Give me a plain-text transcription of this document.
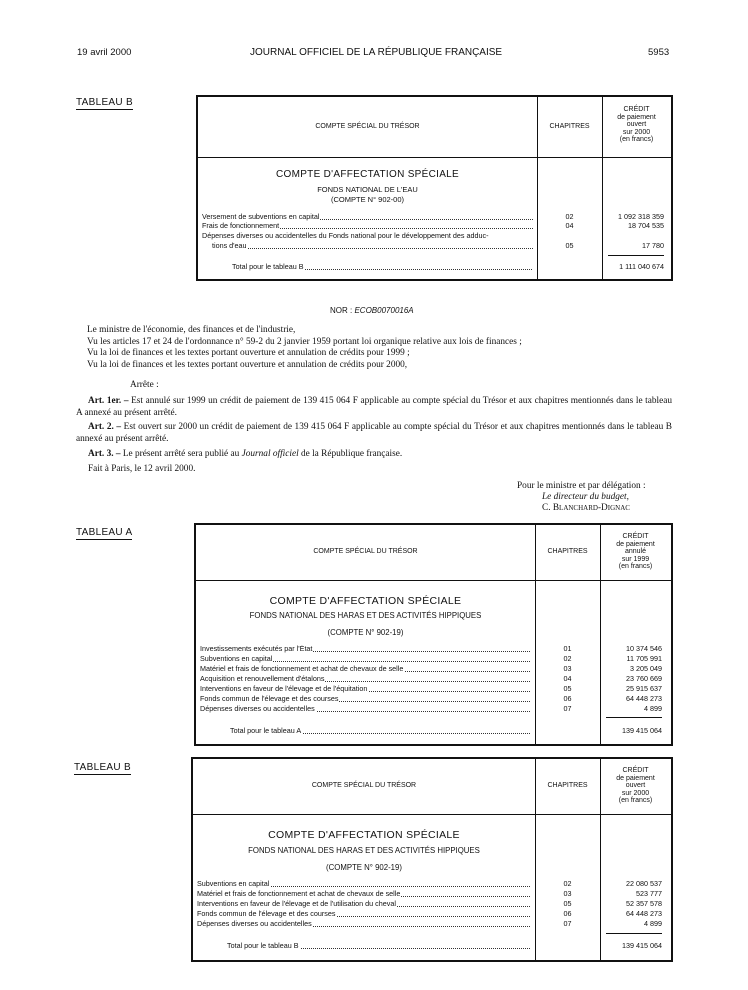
19 avril 2000	JOURNAL OFFICIEL DE LA RÉPUBLIQUE FRANÇAISE	5953
TABLEAU B
COMPTE SPÉCIAL DU TRÉSOR	CHAPITRES
CRÉDIT
de paiement
ouvert
sur 2000
(en francs)
COMPTE D'AFFECTATION SPÉCIALE
FONDS NATIONAL DE L'EAU
(COMPTE N° 902-00)
Versement de subventions en capital	02	1 092 318 359
Frais de fonctionnement	04	18 704 535
Dépenses diverses ou accidentelles du Fonds national pour le développement des adduc-
tions d'eau	05	17 780
Total pour le tableau B	1 111 040 674
NOR : ECOB0070016A
Le ministre de l'économie, des finances et de l'industrie,
Vu les articles 17 et 24 de l'ordonnance n° 59-2 du 2 janvier 1959 portant loi organique relative aux lois de finances ;
Vu la loi de finances et les textes portant ouverture et annulation de crédits pour 1999 ;
Vu la loi de finances et les textes portant ouverture et annulation de crédits pour 2000,
Arrête :
Art. 1er. – Est annulé sur 1999 un crédit de paiement de 139 415 064 F applicable au compte spécial du Trésor et aux chapitres mentionnés dans le tableau A annexé au présent arrêté.
Art. 2. – Est ouvert sur 2000 un crédit de paiement de 139 415 064 F applicable au compte spécial du Trésor et aux chapitres mentionnés dans le tableau B annexé au présent arrêté.
Art. 3. – Le présent arrêté sera publié au Journal officiel de la République française.
Fait à Paris, le 12 avril 2000.
Pour le ministre et par délégation :
Le directeur du budget,
C. Blanchard-Dignac
TABLEAU A
COMPTE SPÉCIAL DU TRÉSOR	CHAPITRES
CRÉDIT
de paiement
annulé
sur 1999
(en francs)
COMPTE D'AFFECTATION SPÉCIALE
FONDS NATIONAL DES HARAS ET DES ACTIVITÉS HIPPIQUES
(COMPTE N° 902-19)
Investissements exécutés par l'État	01	10 374 546
Subventions en capital	02	11 705 991
Matériel et frais de fonctionnement et achat de chevaux de selle	03	3 205 049
Acquisition et renouvellement d'étalons	04	23 760 669
Interventions en faveur de l'élevage et de l'équitation	05	25 915 637
Fonds commun de l'élevage et des courses	06	64 448 273
Dépenses diverses ou accidentelles	07	4 899
Total pour le tableau A	139 415 064
TABLEAU B
COMPTE SPÉCIAL DU TRÉSOR	CHAPITRES
CRÉDIT
de paiement
ouvert
sur 2000
(en francs)
COMPTE D'AFFECTATION SPÉCIALE
FONDS NATIONAL DES HARAS ET DES ACTIVITÉS HIPPIQUES
(COMPTE N° 902-19)
Subventions en capital	02	22 080 537
Matériel et frais de fonctionnement et achat de chevaux de selle	03	523 777
Interventions en faveur de l'élevage et de l'utilisation du cheval	05	52 357 578
Fonds commun de l'élevage et des courses	06	64 448 273
Dépenses diverses ou accidentelles	07	4 899
Total pour le tableau B	139 415 064
